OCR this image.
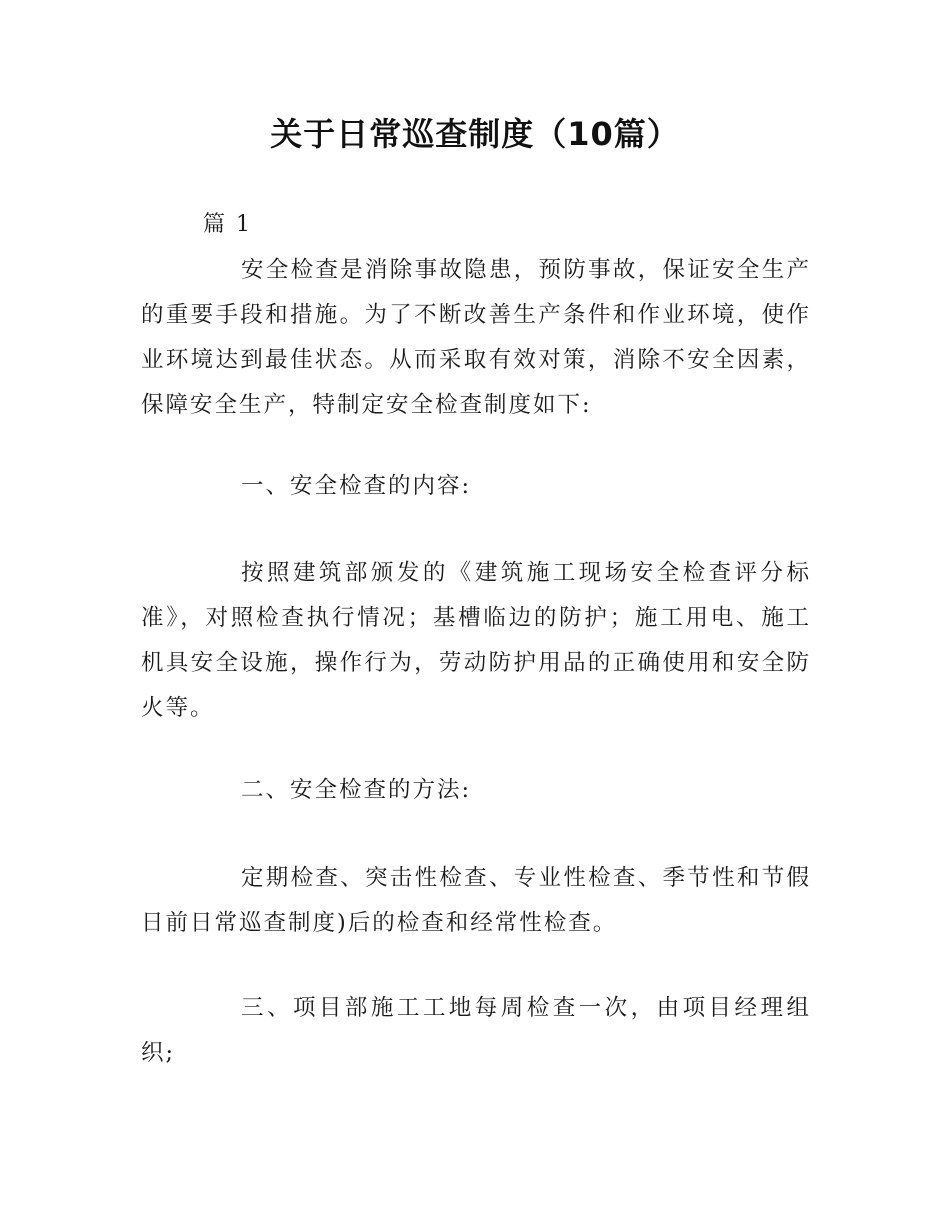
关于日常巡查制度（10篇）
篇 1
安全检查是消除事故隐患，预防事故，保证安全生产的重要手段和措施。为了不断改善生产条件和作业环境，使作业环境达到最佳状态。从而采取有效对策，消除不安全因素，保障安全生产，特制定安全检查制度如下:
一、安全检查的内容:
按照建筑部颁发的《建筑施工现场安全检查评分标准》，对照检查执行情况；基槽临边的防护；施工用电、施工机具安全设施，操作行为，劳动防护用品的正确使用和安全防火等。
二、安全检查的方法:
定期检查、突击性检查、专业性检查、季节性和节假日前日常巡查制度)后的检查和经常性检查。
三、项目部施工工地每周检查一次，由项目经理组织;
